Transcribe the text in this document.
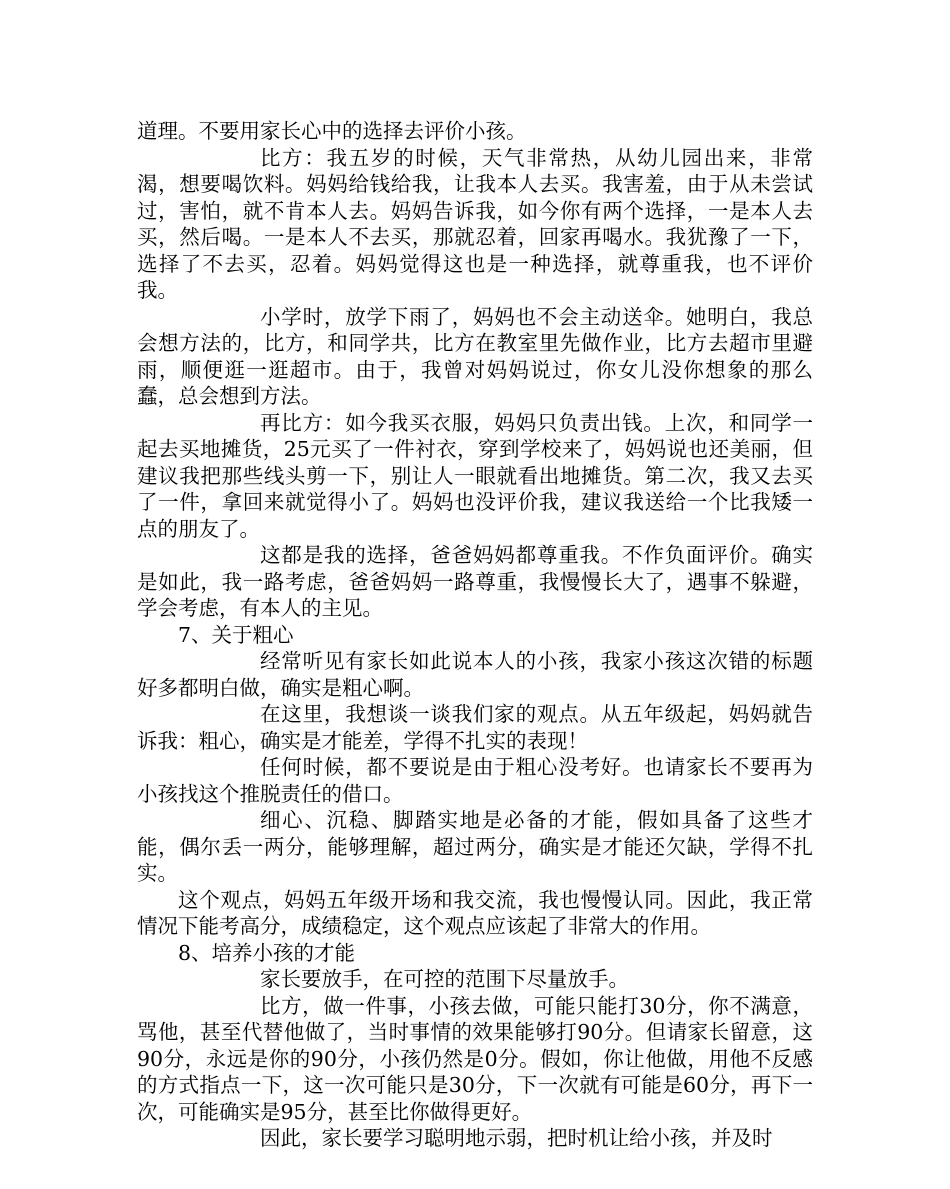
道理。不要用家长心中的选择去评价小孩。

比方：我五岁的时候，天气非常热，从幼儿园出来，非常渴，想要喝饮料。妈妈给钱给我，让我本人去买。我害羞，由于从未尝试过，害怕，就不肯本人去。妈妈告诉我，如今你有两个选择，一是本人去买，然后喝。一是本人不去买，那就忍着，回家再喝水。我犹豫了一下，选择了不去买，忍着。妈妈觉得这也是一种选择，就尊重我，也不评价我。

小学时，放学下雨了，妈妈也不会主动送伞。她明白，我总会想方法的，比方，和同学共，比方在教室里先做作业，比方去超市里避雨，顺便逛一逛超市。由于，我曾对妈妈说过，你女儿没你想象的那么蠢，总会想到方法。

再比方：如今我买衣服，妈妈只负责出钱。上次，和同学一起去买地摊货，25元买了一件衬衣，穿到学校来了，妈妈说也还美丽，但建议我把那些线头剪一下，别让人一眼就看出地摊货。第二次，我又去买了一件，拿回来就觉得小了。妈妈也没评价我，建议我送给一个比我矮一点的朋友了。

这都是我的选择，爸爸妈妈都尊重我。不作负面评价。确实是如此，我一路考虑，爸爸妈妈一路尊重，我慢慢长大了，遇事不躲避，学会考虑，有本人的主见。

7、关于粗心

经常听见有家长如此说本人的小孩，我家小孩这次错的标题好多都明白做，确实是粗心啊。

在这里，我想谈一谈我们家的观点。从五年级起，妈妈就告诉我：粗心，确实是才能差，学得不扎实的表现！

任何时候，都不要说是由于粗心没考好。也请家长不要再为小孩找这个推脱责任的借口。

细心、沉稳、脚踏实地是必备的才能，假如具备了这些才能，偶尔丢一两分，能够理解，超过两分，确实是才能还欠缺，学得不扎实。

这个观点，妈妈五年级开场和我交流，我也慢慢认同。因此，我正常情况下能考高分，成绩稳定，这个观点应该起了非常大的作用。

8、培养小孩的才能

家长要放手，在可控的范围下尽量放手。

比方，做一件事，小孩去做，可能只能打30分，你不满意，骂他，甚至代替他做了，当时事情的效果能够打90分。但请家长留意，这90分，永远是你的90分，小孩仍然是0分。假如，你让他做，用他不反感的方式指点一下，这一次可能只是30分，下一次就有可能是60分，再下一次，可能确实是95分，甚至比你做得更好。

因此，家长要学习聪明地示弱，把时机让给小孩，并及时
